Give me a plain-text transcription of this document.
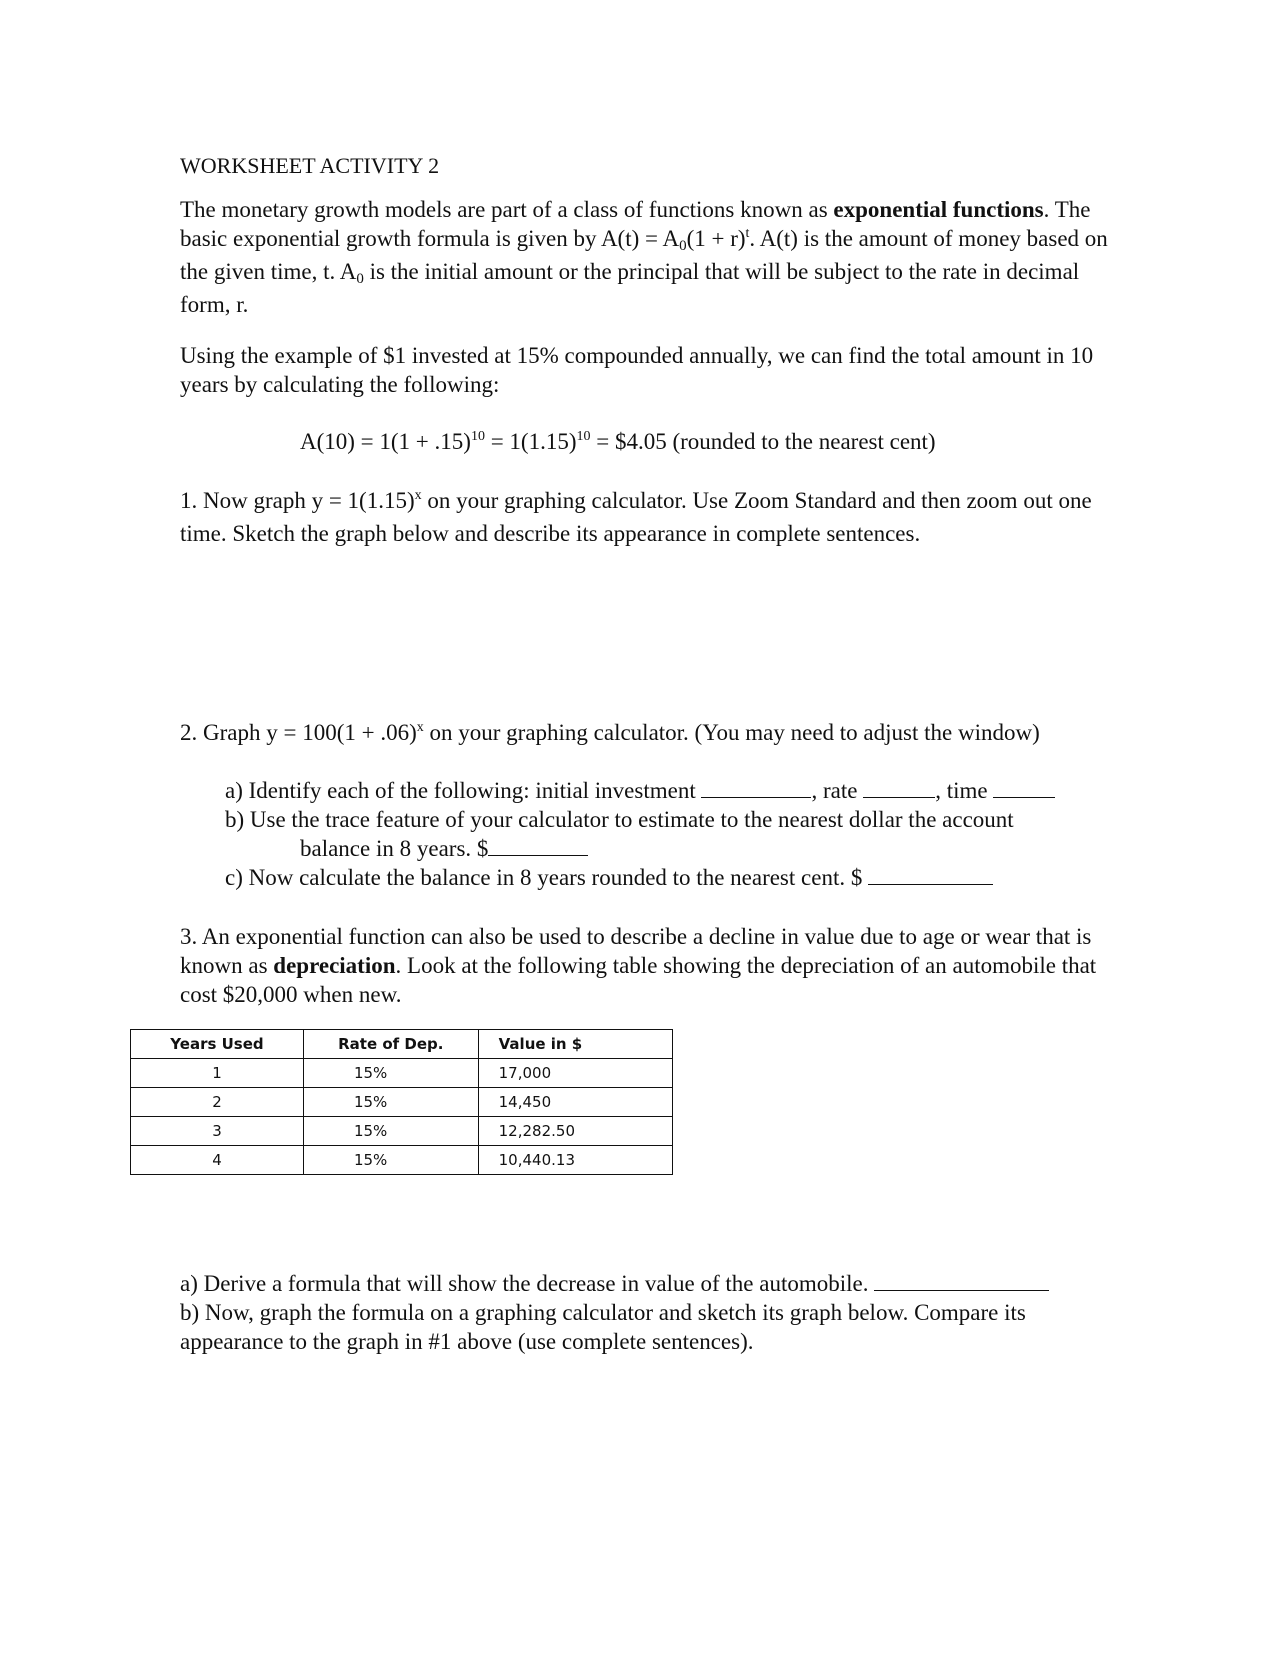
WORKSHEET ACTIVITY 2
The monetary growth models are part of a class of functions known as exponential functions. The basic exponential growth formula is given by $A(t) = A_0(1 + r)^t$. A(t) is the amount of money based on the given time, t. $A_0$ is the initial amount or the principal that will be subject to the rate in decimal form, r.
Using the example of $1 invested at 15% compounded annually, we can find the total amount in 10 years by calculating the following:
$A(10) = 1(1 + .15)^{10} = 1(1.15)^{10}$ = $4.05 (rounded to the nearest cent)
1. Now graph $y = 1(1.15)^x$ on your graphing calculator. Use Zoom Standard and then zoom out one time. Sketch the graph below and describe its appearance in complete sentences.
2. Graph $y = 100(1 + .06)^x$ on your graphing calculator. (You may need to adjust the window)
a) Identify each of the following: initial investment	, rate	, time
b) Use the trace feature of your calculator to estimate to the nearest dollar the account
balance in 8 years. $
c) Now calculate the balance in 8 years rounded to the nearest cent. $
3. An exponential function can also be used to describe a decline in value due to age or wear that is known as depreciation. Look at the following table showing the depreciation of an automobile that cost $20,000 when new.
Years Used	Rate of Dep.	Value in $
1	15%	17,000
2	15%	14,450
3	15%	12,282.50
4	15%	10,440.13
a) Derive a formula that will show the decrease in value of the automobile.
b) Now, graph the formula on a graphing calculator and sketch its graph below. Compare its appearance to the graph in #1 above (use complete sentences).
